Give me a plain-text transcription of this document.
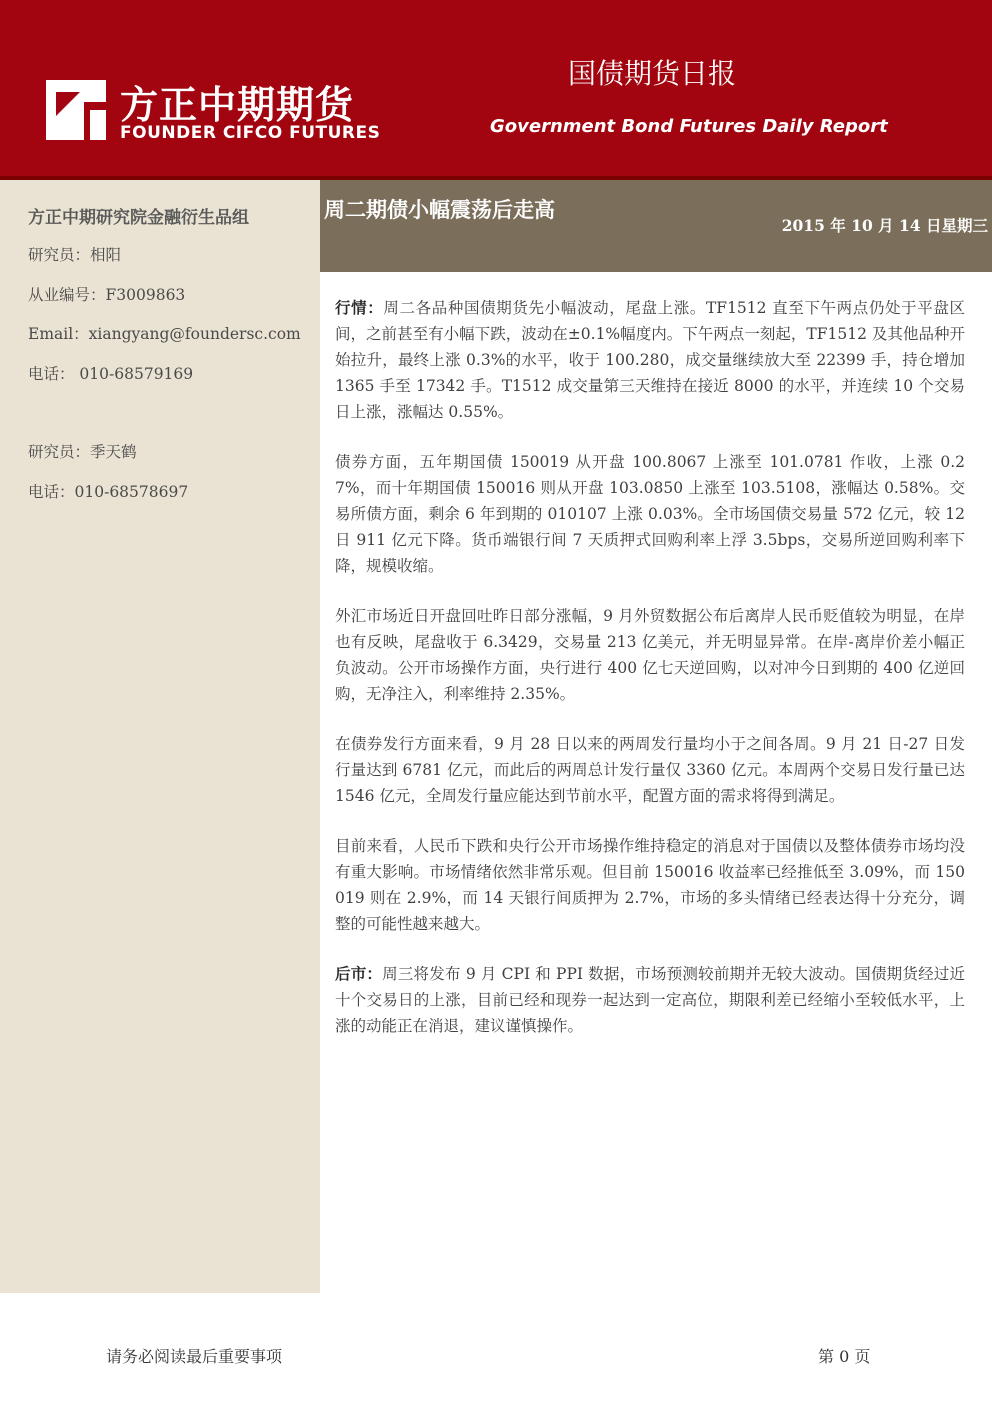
方正中期期货
FOUNDER CIFCO FUTURES
国债期货日报
Government Bond Futures Daily Report
方正中期研究院金融衍生品组
研究员：相阳
从业编号：F3009863
Email：xiangyang@foundersc.com
电话： 010-68579169
研究员：季天鹤
电话：010-68578697
周二期债小幅震荡后走高
2015 年 10 月 14 日星期三

行情：周二各品种国债期货先小幅波动，尾盘上涨。TF1512 直至下午两点仍处于平盘区间，之前甚至有小幅下跌，波动在±0.1%幅度内。下午两点一刻起，TF1512 及其他品种开始拉升，最终上涨 0.3%的水平，收于 100.280，成交量继续放大至 22399 手，持仓增加 1365 手至 17342 手。T1512 成交量第三天维持在接近 8000 的水平，并连续 10 个交易日上涨，涨幅达 0.55%。

债券方面，五年期国债 150019 从开盘 100.8067 上涨至 101.0781 作收，上涨 0.27%，而十年期国债 150016 则从开盘 103.0850 上涨至 103.5108，涨幅达 0.58%。交易所债方面，剩余 6 年到期的 010107 上涨 0.03%。全市场国债交易量 572 亿元，较 12 日 911 亿元下降。货币端银行间 7 天质押式回购利率上浮 3.5bps，交易所逆回购利率下降，规模收缩。

外汇市场近日开盘回吐昨日部分涨幅，9 月外贸数据公布后离岸人民币贬值较为明显，在岸也有反映，尾盘收于 6.3429，交易量 213 亿美元，并无明显异常。在岸-离岸价差小幅正负波动。公开市场操作方面，央行进行 400 亿七天逆回购，以对冲今日到期的 400 亿逆回购，无净注入，利率维持 2.35%。

在债券发行方面来看，9 月 28 日以来的两周发行量均小于之间各周。9 月 21 日-27 日发行量达到 6781 亿元，而此后的两周总计发行量仅 3360 亿元。本周两个交易日发行量已达 1546 亿元，全周发行量应能达到节前水平，配置方面的需求将得到满足。

目前来看，人民币下跌和央行公开市场操作维持稳定的消息对于国债以及整体债券市场均没有重大影响。市场情绪依然非常乐观。但目前 150016 收益率已经推低至 3.09%，而 150019 则在 2.9%，而 14 天银行间质押为 2.7%，市场的多头情绪已经表达得十分充分，调整的可能性越来越大。

后市：周三将发布 9 月 CPI 和 PPI 数据，市场预测较前期并无较大波动。国债期货经过近十个交易日的上涨，目前已经和现券一起达到一定高位，期限利差已经缩小至较低水平，上涨的动能正在消退，建议谨慎操作。

请务必阅读最后重要事项	第 0 页
